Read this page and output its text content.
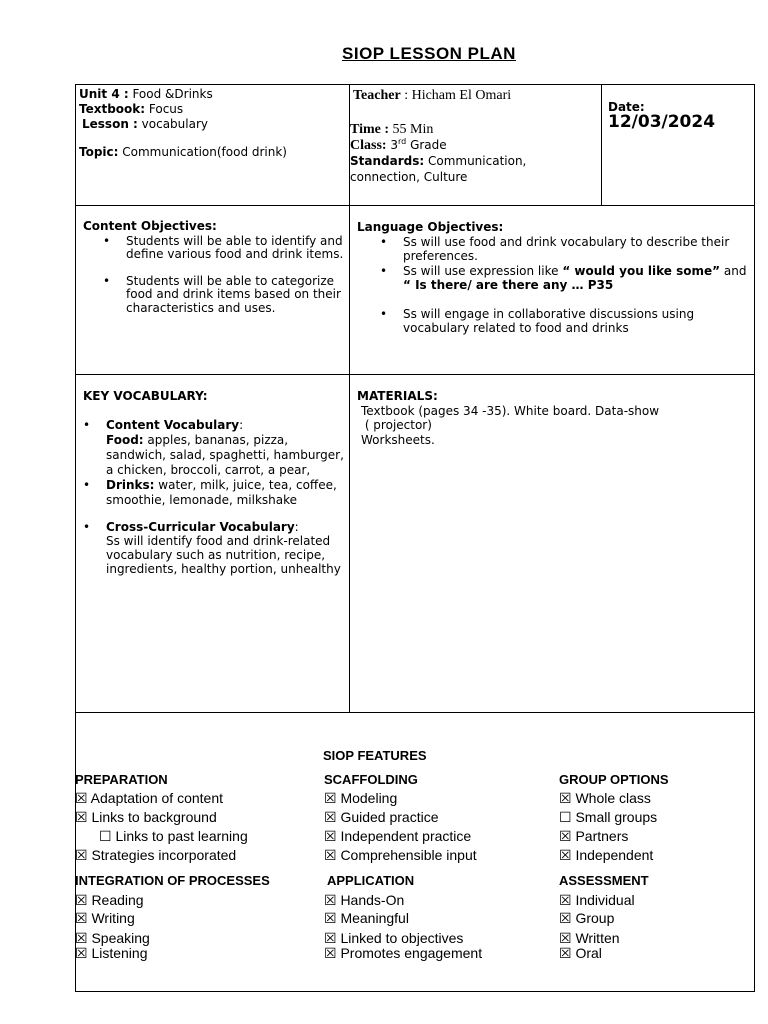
SIOP LESSON PLAN
Unit 4 : Food &Drinks
Textbook: Focus
Lesson : vocabulary
Topic: Communication(food drink)
Teacher : Hicham El Omari
Time : 55 Min
Class: 3rd Grade
Standards: Communication, connection, Culture
Date:
12/03/2024
Content Objectives:
• Students will be able to identify and define various food and drink items.
• Students will be able to categorize food and drink items based on their characteristics and uses.
Language Objectives:
• Ss will use food and drink vocabulary to describe their preferences.
• Ss will use expression like “ would you like some” and “ Is there/ are there any … P35
• Ss will engage in collaborative discussions using vocabulary related to food and drinks
KEY VOCABULARY:
• Content Vocabulary:
Food: apples, bananas, pizza, sandwich, salad, spaghetti, hamburger, a chicken, broccoli, carrot, a pear,
• Drinks: water, milk, juice, tea, coffee, smoothie, lemonade, milkshake
• Cross-Curricular Vocabulary:
Ss will identify food and drink-related vocabulary such as nutrition, recipe, ingredients, healthy portion, unhealthy
MATERIALS:
Textbook (pages 34 -35). White board. Data-show
( projector)
Worksheets.
SIOP FEATURES
PREPARATION
☒ Adaptation of content
☒ Links to background
☐ Links to past learning
☒ Strategies incorporated
SCAFFOLDING
☒ Modeling
☒ Guided practice
☒ Independent practice
☒ Comprehensible input
GROUP OPTIONS
☒ Whole class
☐ Small groups
☒ Partners
☒ Independent
INTEGRATION OF PROCESSES
☒ Reading
☒ Writing
☒ Speaking
☒ Listening
APPLICATION
☒ Hands-On
☒ Meaningful
☒ Linked to objectives
☒ Promotes engagement
ASSESSMENT
☒ Individual
☒ Group
☒ Written
☒ Oral
